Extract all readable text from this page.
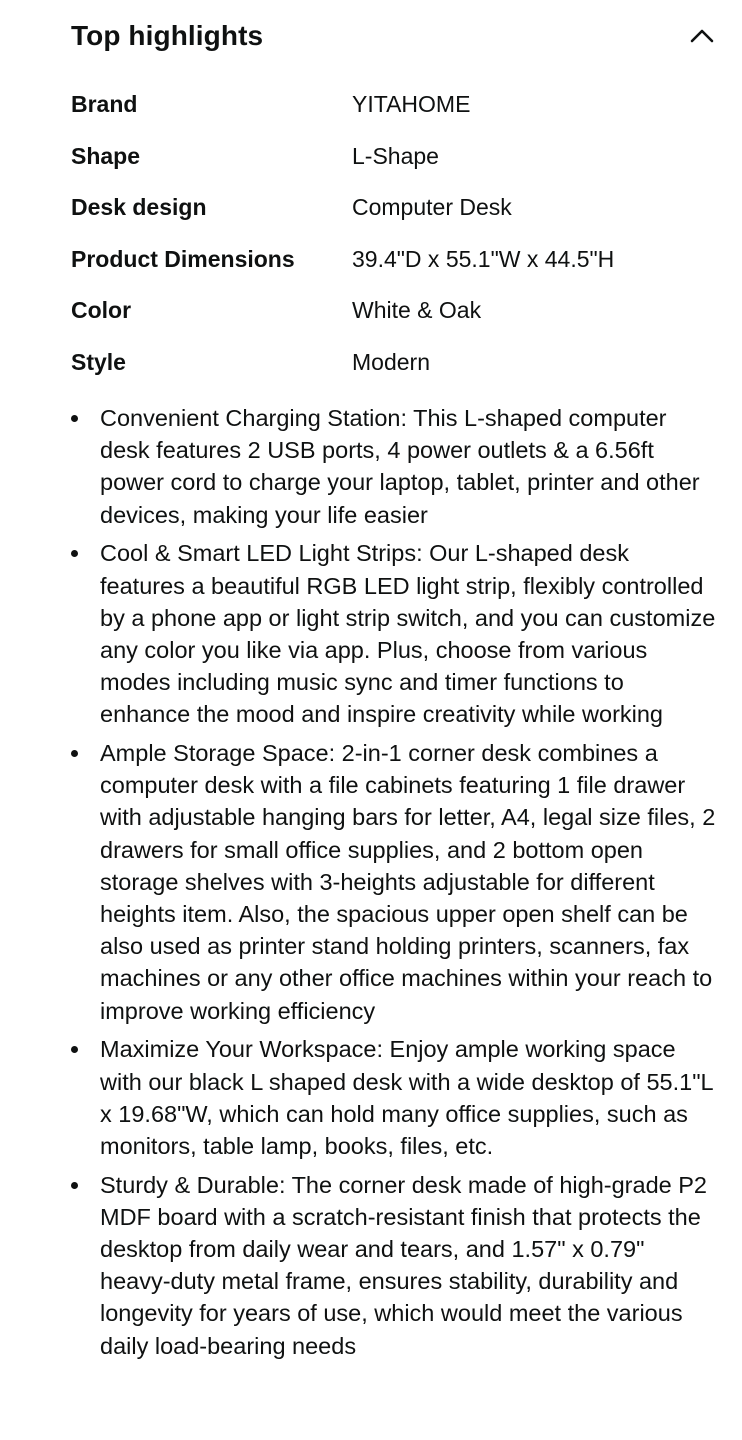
Top highlights
Brand	YITAHOME
Shape	L-Shape
Desk design	Computer Desk
Product Dimensions	39.4"D x 55.1"W x 44.5"H
Color	White & Oak
Style	Modern
Convenient Charging Station: This L-shaped computer desk features 2 USB ports, 4 power outlets & a 6.56ft power cord to charge your laptop, tablet, printer and other devices, making your life easier
Cool & Smart LED Light Strips: Our L-shaped desk features a beautiful RGB LED light strip, flexibly controlled by a phone app or light strip switch, and you can customize any color you like via app. Plus, choose from various modes including music sync and timer functions to enhance the mood and inspire creativity while working
Ample Storage Space: 2-in-1 corner desk combines a computer desk with a file cabinets featuring 1 file drawer with adjustable hanging bars for letter, A4, legal size files, 2 drawers for small office supplies, and 2 bottom open storage shelves with 3-heights adjustable for different heights item. Also, the spacious upper open shelf can be also used as printer stand holding printers, scanners, fax machines or any other office machines within your reach to improve working efficiency
Maximize Your Workspace: Enjoy ample working space with our black L shaped desk with a wide desktop of 55.1"L x 19.68"W, which can hold many office supplies, such as monitors, table lamp, books, files, etc.
Sturdy & Durable: The corner desk made of high-grade P2 MDF board with a scratch-resistant finish that protects the desktop from daily wear and tears, and 1.57" x 0.79" heavy-duty metal frame, ensures stability, durability and longevity for years of use, which would meet the various daily load-bearing needs
